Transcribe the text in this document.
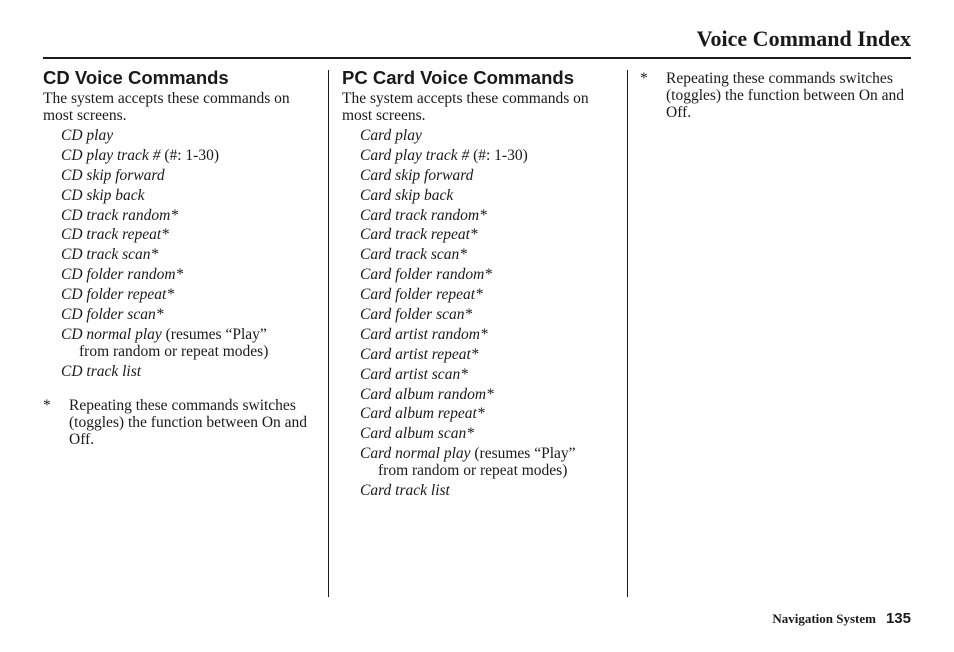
Voice Command Index
CD Voice Commands
The system accepts these commands on most screens.
CD play
CD play track # (#: 1-30)
CD skip forward
CD skip back
CD track random*
CD track repeat*
CD track scan*
CD folder random*
CD folder repeat*
CD folder scan*
CD normal play (resumes “Play”
from random or repeat modes)
CD track list
*	Repeating these commands switches (toggles) the function between On and Off.
PC Card Voice Commands
The system accepts these commands on most screens.
Card play
Card play track # (#: 1-30)
Card skip forward
Card skip back
Card track random*
Card track repeat*
Card track scan*
Card folder random*
Card folder repeat*
Card folder scan*
Card artist random*
Card artist repeat*
Card artist scan*
Card album random*
Card album repeat*
Card album scan*
Card normal play (resumes “Play”
from random or repeat modes)
Card track list
*	Repeating these commands switches (toggles) the function between On and Off.
Navigation System 135
